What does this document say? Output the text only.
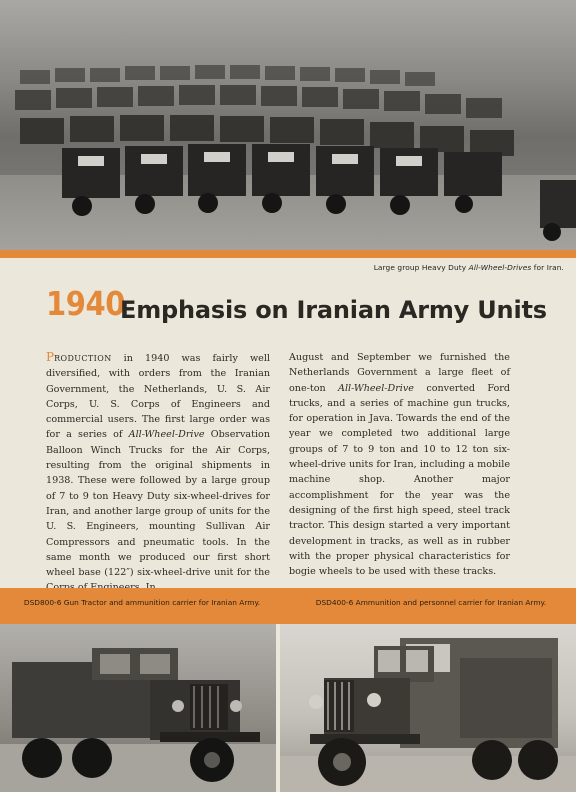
Large group Heavy Duty All-Wheel-Drives for Iran.
1940
Emphasis on Iranian Army Units

PRODUCTION in 1940 was fairly well diversified, with orders from the Iranian Government, the Netherlands, U. S. Air Corps, U. S. Corps of Engineers and commercial users. The first large order was for a series of All-Wheel-Drive Observation Balloon Winch Trucks for the Air Corps, resulting from the original shipments in 1938. These were followed by a large group of 7 to 9 ton Heavy Duty six-wheel-drives for Iran, and another large group of units for the U. S. Engineers, mounting Sullivan Air Compressors and pneumatic tools. In the same month we produced our first short wheel base (122″) six-wheel-drive unit for the

August and September we furnished the Netherlands Government a large fleet of one-ton All-Wheel-Drive converted Ford trucks, and a series of machine gun trucks, for operation in Java. Towards the end of the year we completed two additional large groups of 7 to 9 ton and 10 to 12 ton six-wheel-drive units for Iran, including a mobile machine shop. Another major accomplishment for the year was the designing of the first high speed, steel track tractor. This design started a very important development in tracks, as well as in rubber with the proper physical characteristics for bogie wheels to be used with these tracks.

DSD800-6 Gun Tractor and ammunition carrier for Iranian Army.	DSD400-6 Ammunition and personnel carrier for Iranian Army.
